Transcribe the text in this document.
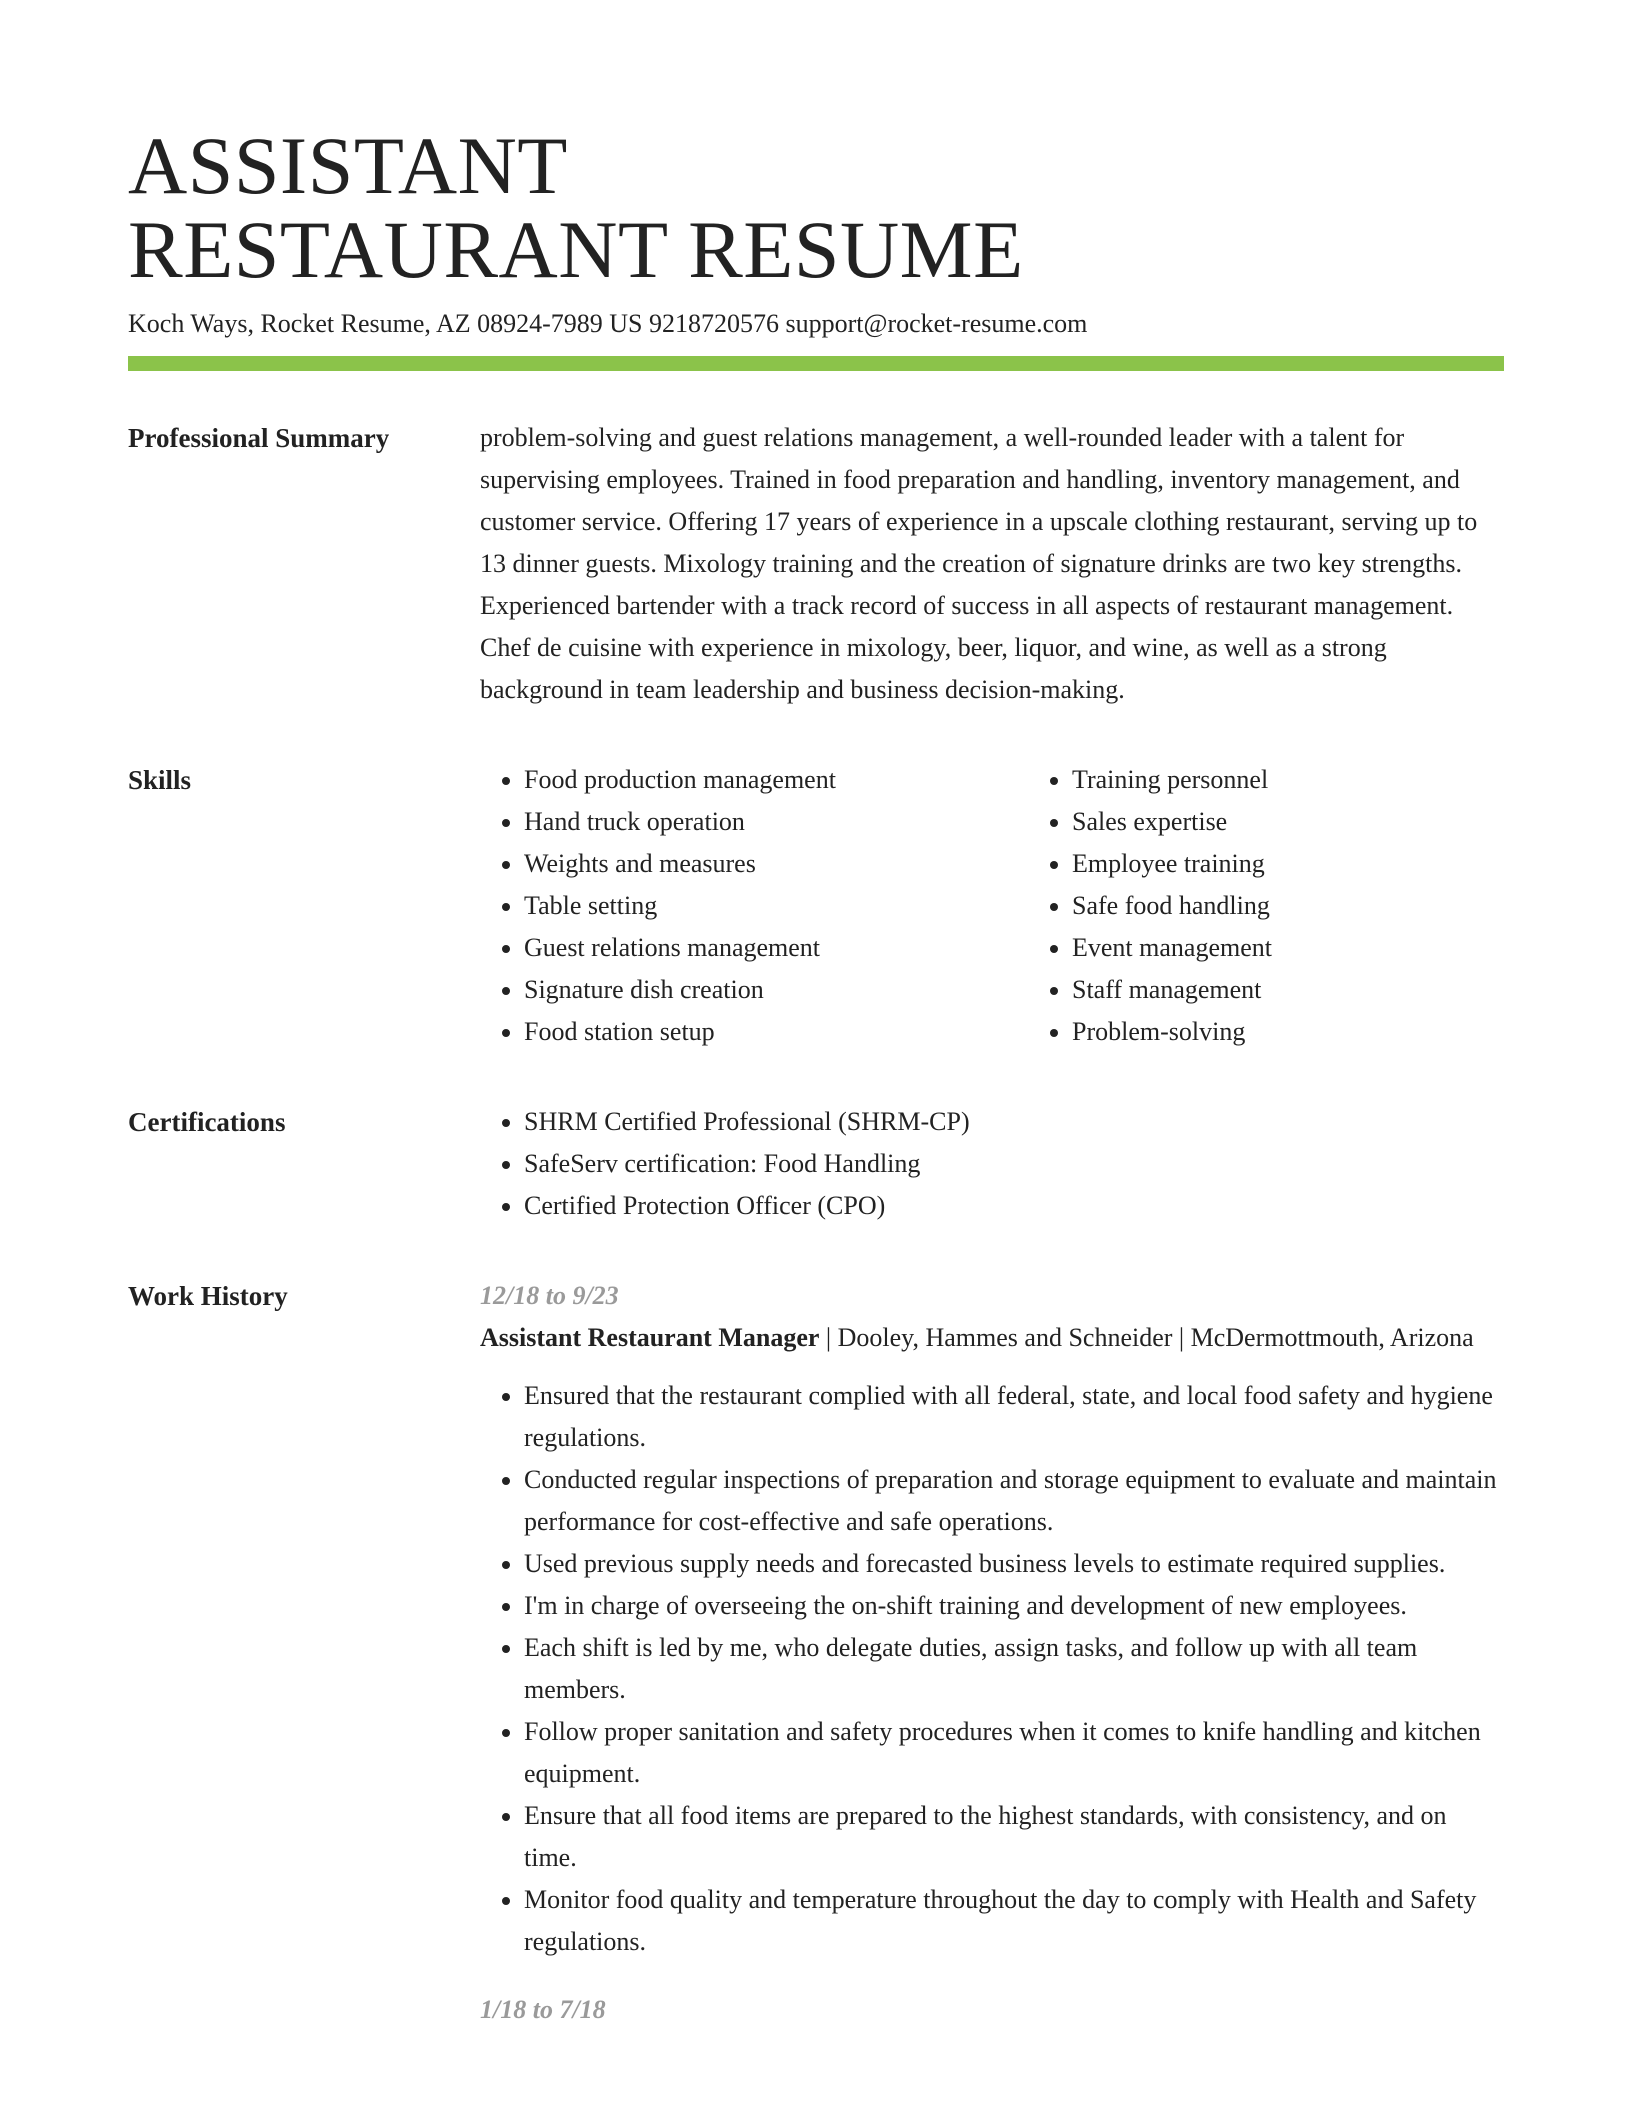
ASSISTANT
RESTAURANT RESUME
Koch Ways, Rocket Resume, AZ 08924-7989 US 9218720576 support@rocket-resume.com
Professional Summary	problem-solving and guest relations management, a well-rounded leader with a talent for supervising employees. Trained in food preparation and handling, inventory management, and customer service. Offering 17 years of experience in a upscale clothing restaurant, serving up to 13 dinner guests. Mixology training and the creation of signature drinks are two key strengths. Experienced bartender with a track record of success in all aspects of restaurant management. Chef de cuisine with experience in mixology, beer, liquor, and wine, as well as a strong background in team leadership and business decision-making.

Skills	• Food production management
• Hand truck operation
• Weights and measures
• Table setting
• Guest relations management
• Signature dish creation
• Food station setup
• Training personnel
• Sales expertise
• Employee training
• Safe food handling
• Event management
• Staff management
• Problem-solving
Certifications	• SHRM Certified Professional (SHRM-CP)
• SafeServ certification: Food Handling
• Certified Protection Officer (CPO)
Work History	12/18 to 9/23

Assistant Restaurant Manager | Dooley, Hammes and Schneider | McDermottmouth, Arizona

• Ensured that the restaurant complied with all federal, state, and local food safety and hygiene regulations.
• Conducted regular inspections of preparation and storage equipment to evaluate and maintain performance for cost-effective and safe operations.
• Used previous supply needs and forecasted business levels to estimate required supplies.
• I'm in charge of overseeing the on-shift training and development of new employees.
• Each shift is led by me, who delegate duties, assign tasks, and follow up with all team members.
• Follow proper sanitation and safety procedures when it comes to knife handling and kitchen equipment.
• Ensure that all food items are prepared to the highest standards, with consistency, and on time.
• Monitor food quality and temperature throughout the day to comply with Health and Safety regulations.
1/18 to 7/18
